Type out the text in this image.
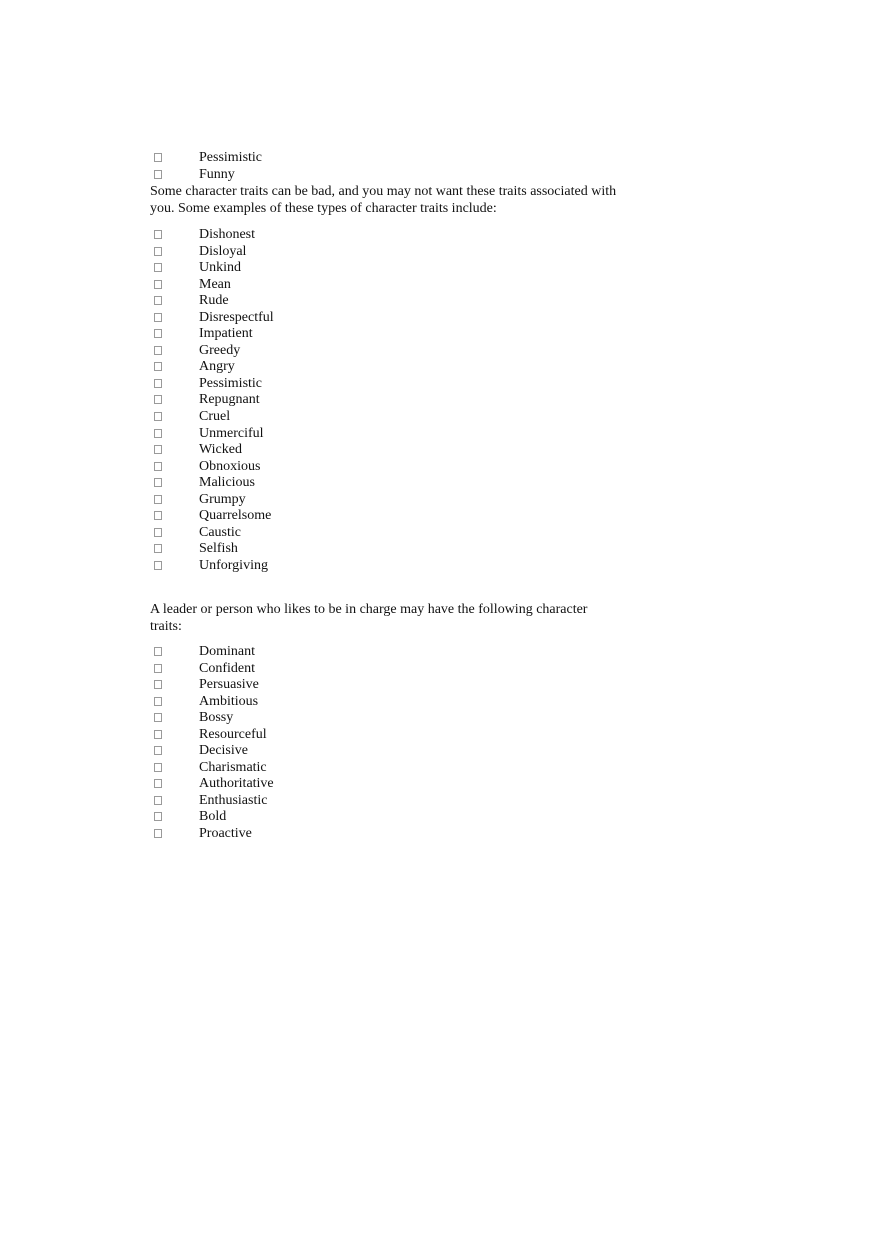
Pessimistic
Funny

Some character traits can be bad, and you may not want these traits associated with you. Some examples of these types of character traits include:

Dishonest
Disloyal
Unkind
Mean
Rude
Disrespectful
Impatient
Greedy
Angry
Pessimistic
Repugnant
Cruel
Unmerciful
Wicked
Obnoxious
Malicious
Grumpy
Quarrelsome
Caustic
Selfish
Unforgiving

A leader or person who likes to be in charge may have the following character traits:

Dominant
Confident
Persuasive
Ambitious
Bossy
Resourceful
Decisive
Charismatic
Authoritative
Enthusiastic
Bold
Proactive
